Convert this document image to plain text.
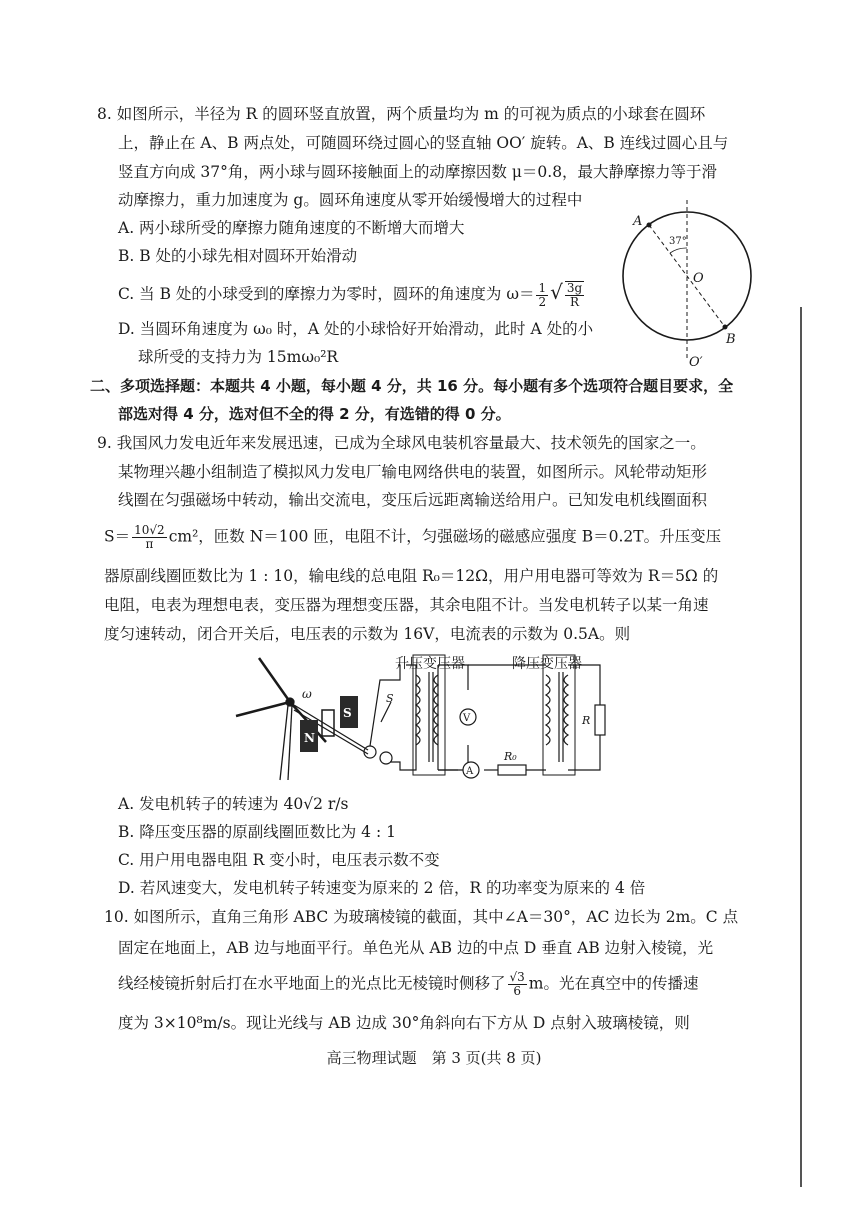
8. 如图所示，半径为 R 的圆环竖直放置，两个质量均为 m 的可视为质点的小球套在圆环
上，静止在 A、B 两点处，可随圆环绕过圆心的竖直轴 OO′ 旋转。A、B 连线过圆心且与
竖直方向成 37°角，两小球与圆环接触面上的动摩擦因数 μ＝0.8，最大静摩擦力等于滑
动摩擦力，重力加速度为 g。圆环角速度从零开始缓慢增大的过程中
A. 两小球所受的摩擦力随角速度的不断增大而增大
B. B 处的小球先相对圆环开始滑动
C. 当 B 处的小球受到的摩擦力为零时，圆环的角速度为 $\omega= \frac{1}{2}$ √ $\frac{3g}{R}$
D. 当圆环角速度为 ω₀ 时，A 处的小球恰好开始滑动，此时 A 处的小
球所受的支持力为 15mω₀²R
A
B
O
O′
37°
二、多项选择题：本题共 4 小题，每小题 4 分，共 16 分。每小题有多个选项符合题目要求，全
部选对得 4 分，选对但不全的得 2 分，有选错的得 0 分。
9. 我国风力发电近年来发展迅速，已成为全球风电装机容量最大、技术领先的国家之一。
某物理兴趣小组制造了模拟风力发电厂输电网络供电的装置，如图所示。风轮带动矩形
线圈在匀强磁场中转动，输出交流电，变压后远距离输送给用户。已知发电机线圈面积
$S= \frac{10√2}{\pi} cm^2$，匝数 N＝100 匝，电阻不计，匀强磁场的磁感应强度 B＝0.2T。升压变压
器原副线圈匝数比为 1 : 10，输电线的总电阻 R₀＝12Ω，用户用电器可等效为 R＝5Ω 的
电阻，电表为理想电表，变压器为理想变压器，其余电阻不计。当发电机转子以某一角速
度匀速转动，闭合开关后，电压表的示数为 16V，电流表的示数为 0.5A。则
ω
N
S	V
A
R₀
R
S
升压变压器	降压变压器
A. 发电机转子的转速为 40√2 r/s
B. 降压变压器的原副线圈匝数比为 4 : 1
C. 用户用电器电阻 R 变小时，电压表示数不变
D. 若风速变大，发电机转子转速变为原来的 2 倍，R 的功率变为原来的 4 倍
10. 如图所示，直角三角形 ABC 为玻璃棱镜的截面，其中∠A＝30°，AC 边长为 2m。C 点
固定在地面上，AB 边与地面平行。单色光从 AB 边的中点 D 垂直 AB 边射入棱镜，光
线经棱镜折射后打在水平地面上的光点比无棱镜时侧移了 $\frac{√3}{6}$ m。光在真空中的传播速
度为 3×10⁸m/s。现让光线与 AB 边成 30°角斜向右下方从 D 点射入玻璃棱镜，则
高三物理试题　第 3 页(共 8 页)
